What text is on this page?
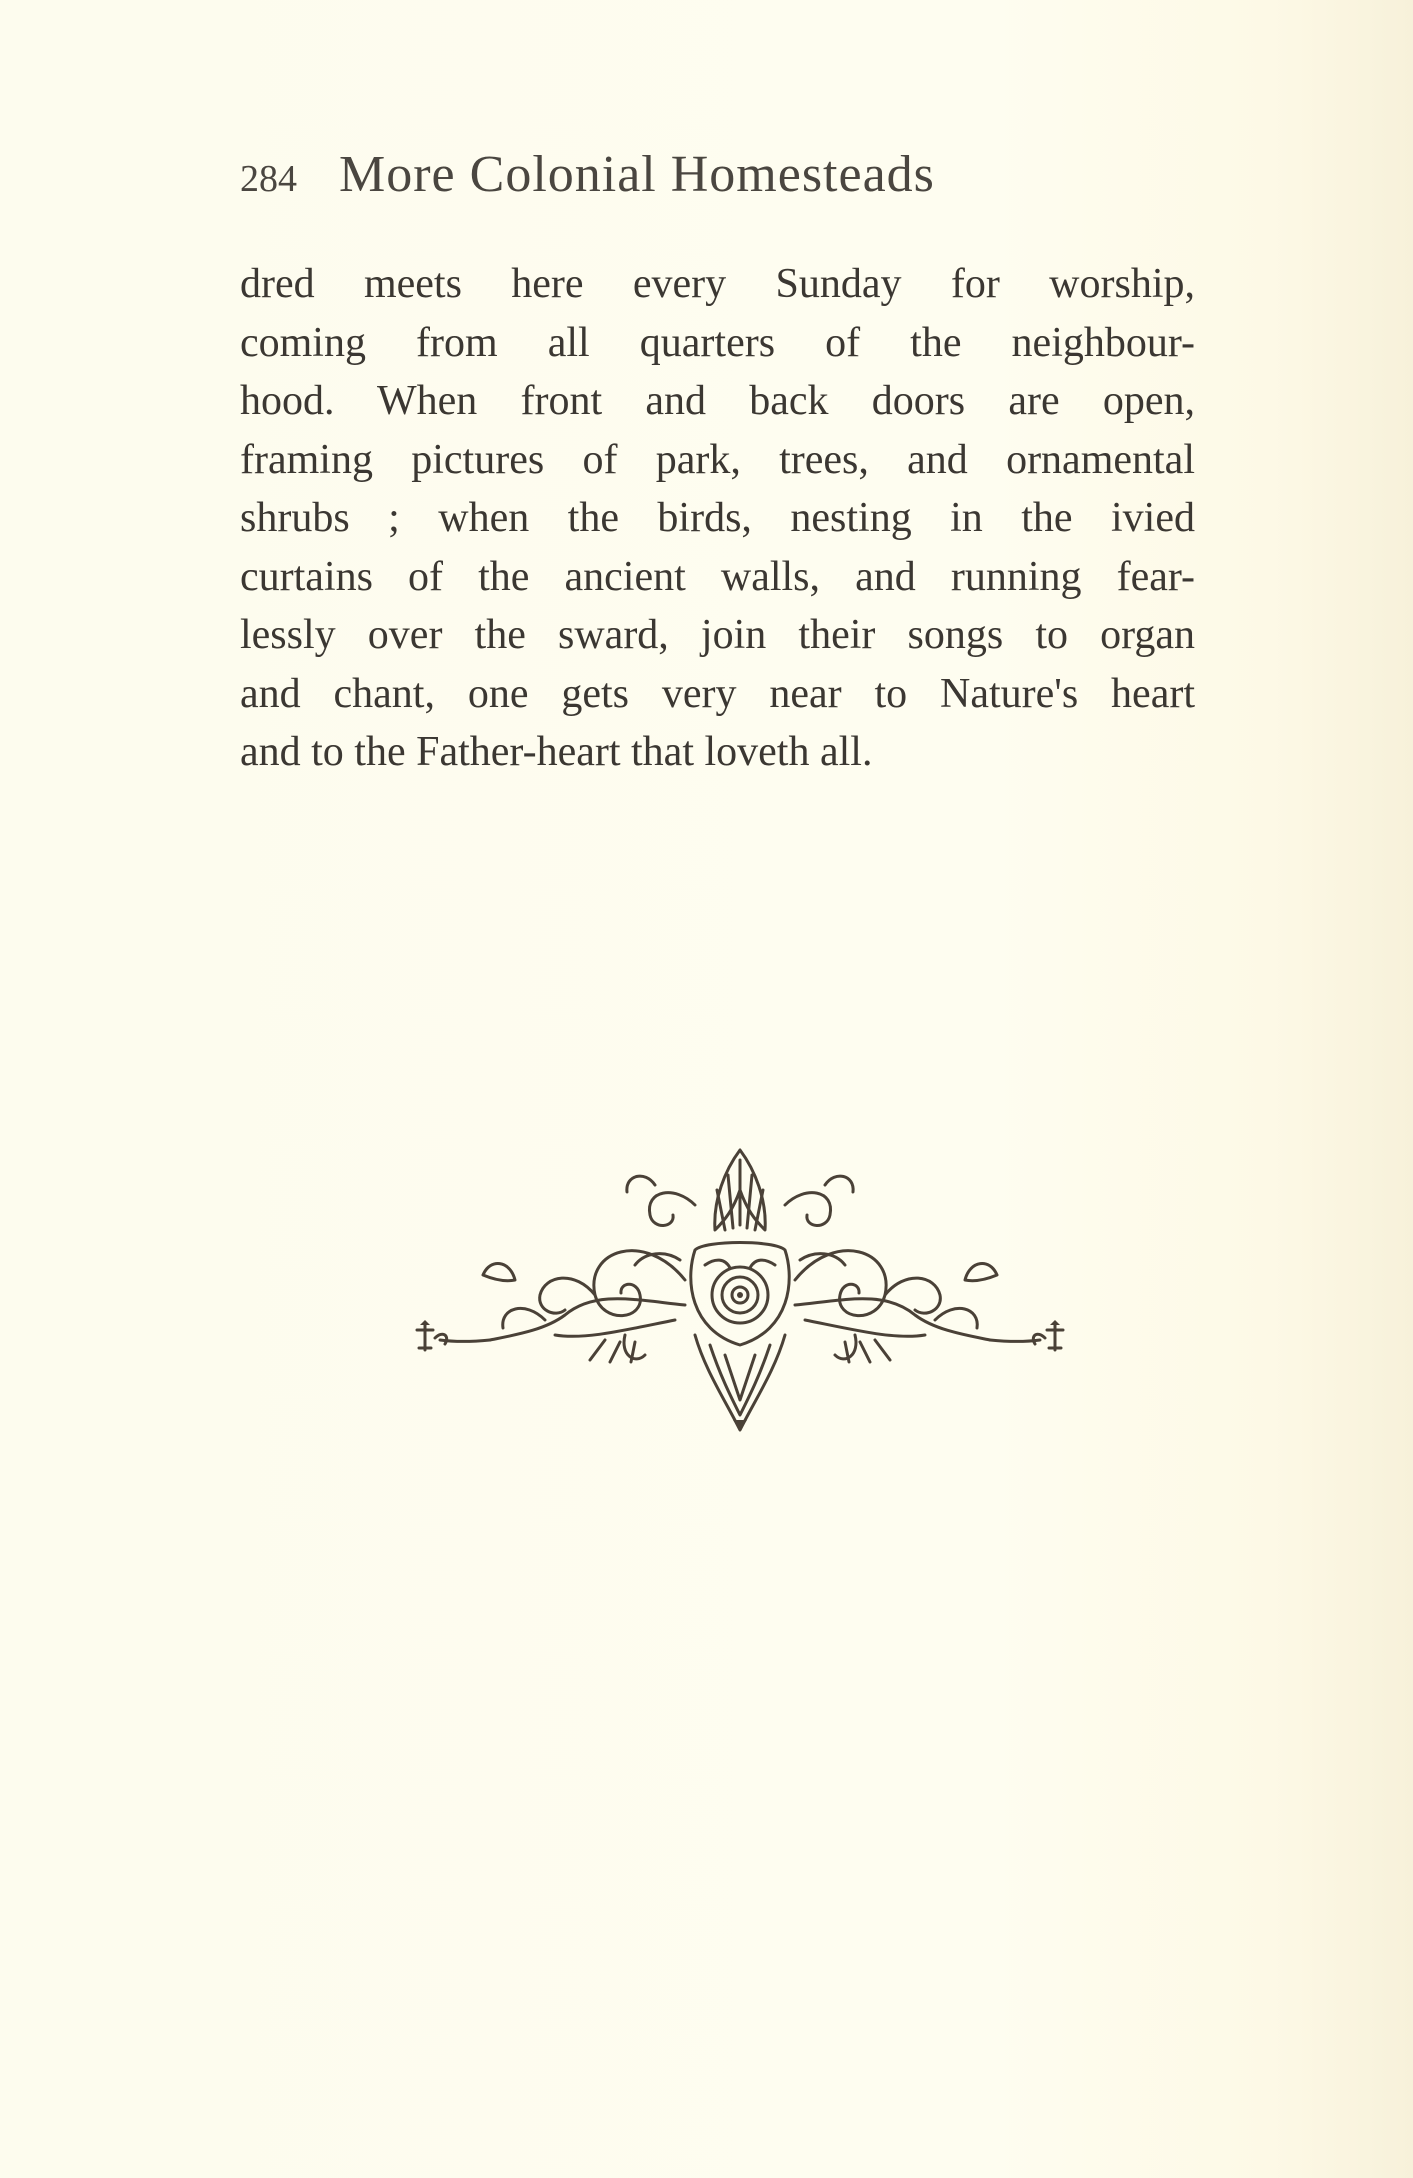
284 More Colonial Homesteads
dred meets here every Sunday for worship,
coming from all quarters of the neighbour-
hood. When front and back doors are open,
framing pictures of park, trees, and ornamental
shrubs ; when the birds, nesting in the ivied
curtains of the ancient walls, and running fear-
lessly over the sward, join their songs to organ
and chant, one gets very near to Nature's heart
and to the Father-heart that loveth all.
